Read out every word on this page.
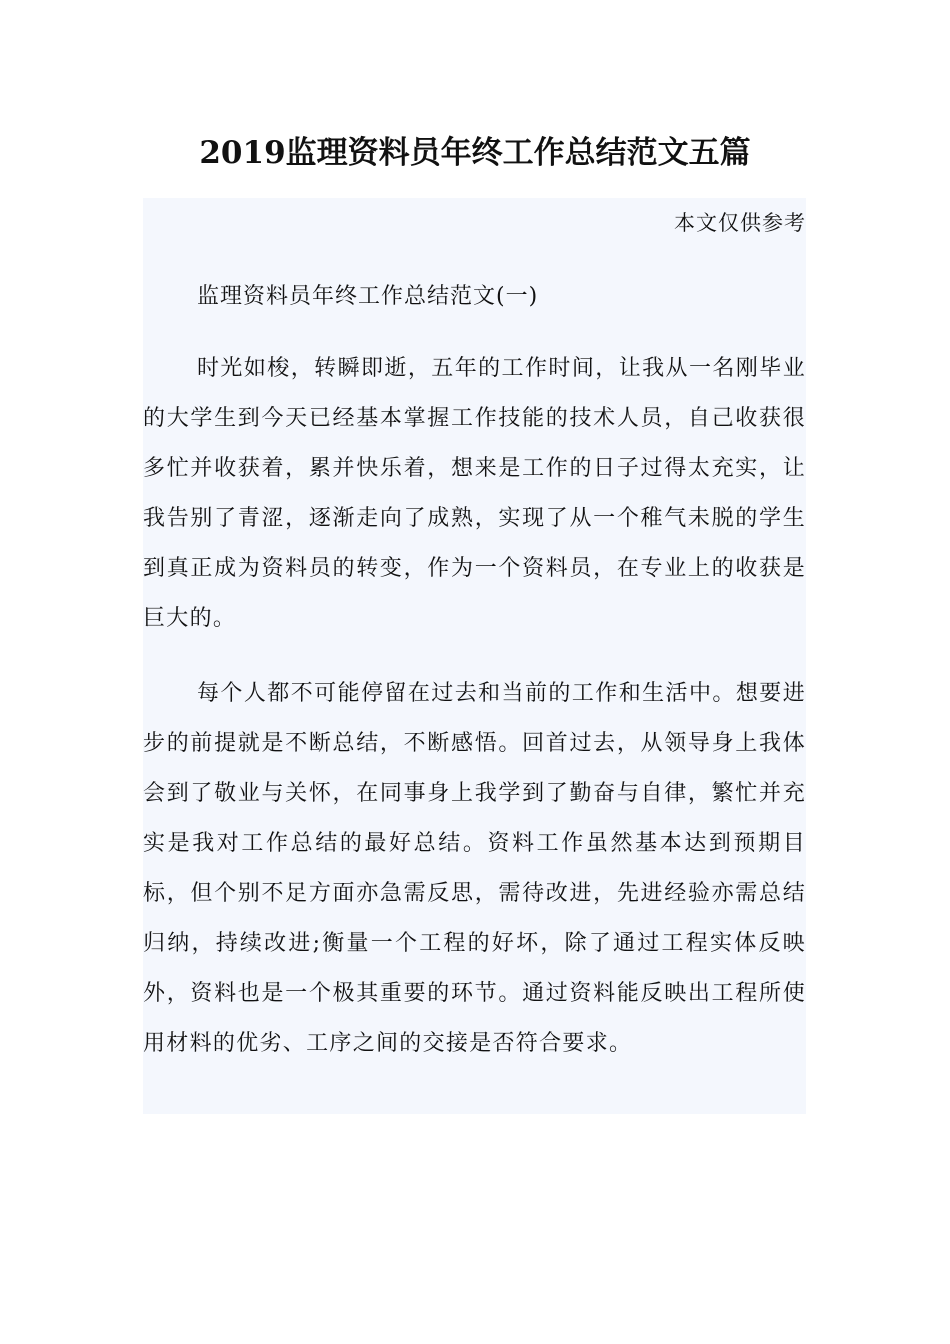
2019监理资料员年终工作总结范文五篇
本文仅供参考
监理资料员年终工作总结范文(一)

时光如梭，转瞬即逝，五年的工作时间，让我从一名刚毕业的大学生到今天已经基本掌握工作技能的技术人员，自己收获很多忙并收获着，累并快乐着，想来是工作的日子过得太充实，让我告别了青涩，逐渐走向了成熟，实现了从一个稚气未脱的学生到真正成为资料员的转变，作为一个资料员，在专业上的收获是巨大的。

每个人都不可能停留在过去和当前的工作和生活中。想要进步的前提就是不断总结，不断感悟。回首过去，从领导身上我体会到了敬业与关怀，在同事身上我学到了勤奋与自律，繁忙并充实是我对工作总结的最好总结。资料工作虽然基本达到预期目标，但个别不足方面亦急需反思，需待改进，先进经验亦需总结归纳，持续改进;衡量一个工程的好坏，除了通过工程实体反映外，资料也是一个极其重要的环节。通过资料能反映出工程所使用材料的优劣、工序之间的交接是否符合要求。
